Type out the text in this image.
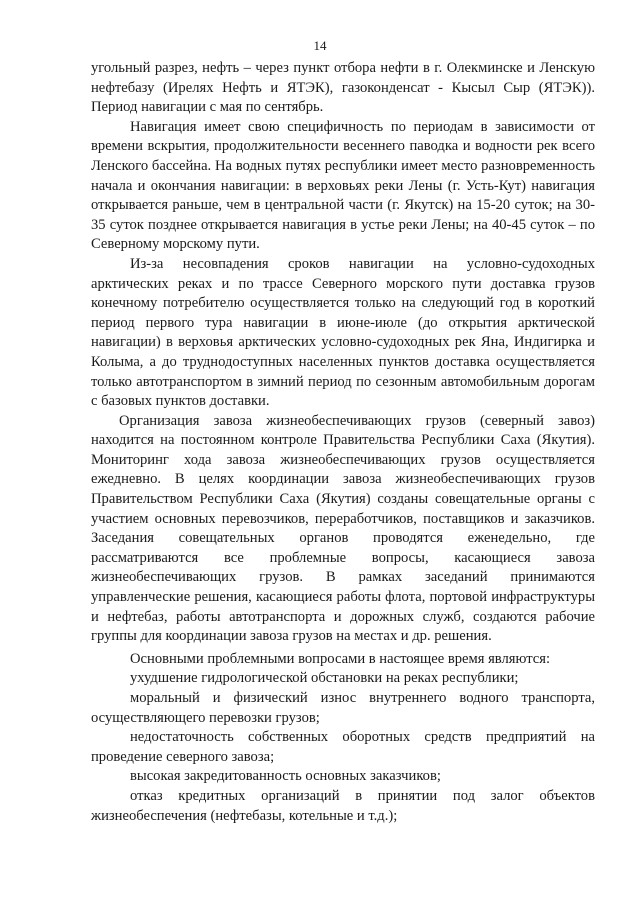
14

угольный разрез, нефть – через пункт отбора нефти в г. Олекминске и Ленскую нефтебазу (Ирелях Нефть и ЯТЭК), газоконденсат - Кысыл Сыр (ЯТЭК)). Период навигации с мая по сентябрь.

Навигация имеет свою специфичность по периодам в зависимости от времени вскрытия, продолжительности весеннего паводка и водности рек всего Ленского бассейна. На водных путях республики имеет место разновременность начала и окончания навигации: в верховьях реки Лены (г. Усть-Кут) навигация открывается раньше, чем в центральной части (г. Якутск) на 15-20 суток; на 30-35 суток позднее открывается навигация в устье реки Лены; на 40-45 суток – по Северному морскому пути.

Из-за несовпадения сроков навигации на условно-судоходных арктических реках и по трассе Северного морского пути доставка грузов конечному потребителю осуществляется только на следующий год в короткий период первого тура навигации в июне-июле (до открытия арктической навигации) в верховья арктических условно-судоходных рек Яна, Индигирка и Колыма, а до труднодоступных населенных пунктов доставка осуществляется только автотранспортом в зимний период по сезонным автомобильным дорогам с базовых пунктов доставки.

Организация завоза жизнеобеспечивающих грузов (северный завоз) находится на постоянном контроле Правительства Республики Саха (Якутия). Мониторинг хода завоза жизнеобеспечивающих грузов осуществляется ежедневно. В целях координации завоза жизнеобеспечивающих грузов Правительством Республики Саха (Якутия) созданы совещательные органы с участием основных перевозчиков, переработчиков, поставщиков и заказчиков. Заседания совещательных органов проводятся еженедельно, где рассматриваются все проблемные вопросы, касающиеся завоза жизнеобеспечивающих грузов. В рамках заседаний принимаются управленческие решения, касающиеся работы флота, портовой инфраструктуры и нефтебаз, работы автотранспорта и дорожных служб, создаются рабочие группы для координации завоза грузов на местах и др. решения.

Основными проблемными вопросами в настоящее время являются:

ухудшение гидрологической обстановки на реках республики;

моральный и физический износ внутреннего водного транспорта, осуществляющего перевозки грузов;

недостаточность собственных оборотных средств предприятий на проведение северного завоза;

высокая закредитованность основных заказчиков;

отказ кредитных организаций в принятии под залог объектов жизнеобеспечения (нефтебазы, котельные и т.д.);
